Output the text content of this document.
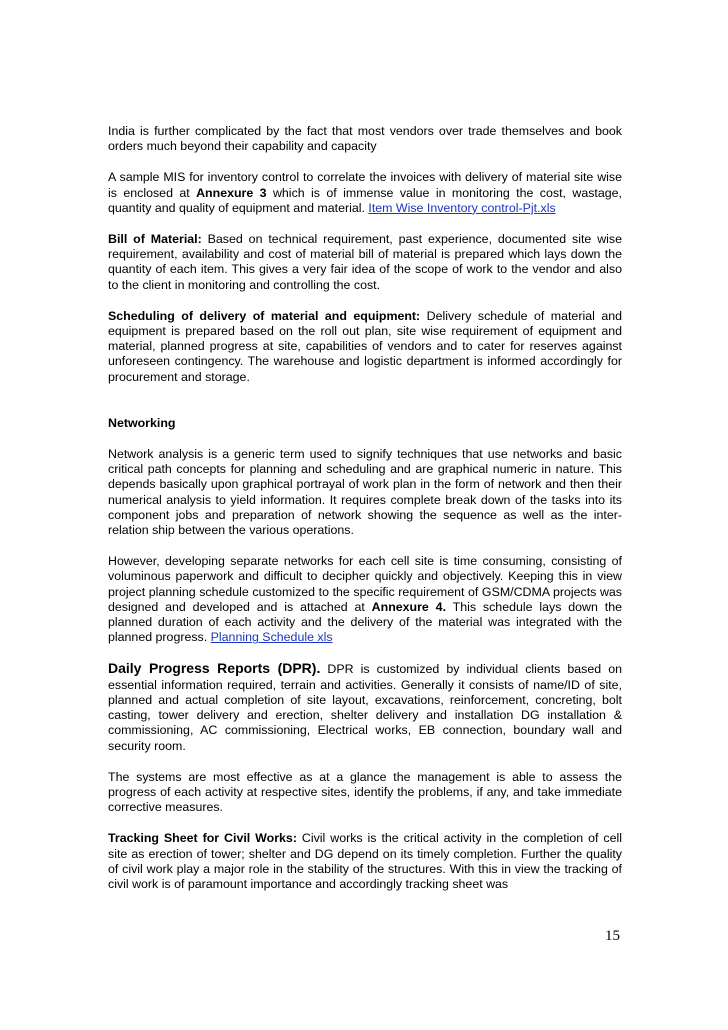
India is further complicated by the fact that most vendors over trade themselves and book orders much beyond their capability and capacity

A sample MIS for inventory control to correlate the invoices with delivery of material site wise is enclosed at Annexure 3 which is of immense value in monitoring the cost, wastage, quantity and quality of equipment and material. Item Wise Inventory control-Pjt.xls

Bill of Material: Based on technical requirement, past experience, documented site wise requirement, availability and cost of material bill of material is prepared which lays down the quantity of each item. This gives a very fair idea of the scope of work to the vendor and also to the client in monitoring and controlling the cost.

Scheduling of delivery of material and equipment: Delivery schedule of material and equipment is prepared based on the roll out plan, site wise requirement of equipment and material, planned progress at site, capabilities of vendors and to cater for reserves against unforeseen contingency. The warehouse and logistic department is informed accordingly for procurement and storage.

Networking

Network analysis is a generic term used to signify techniques that use networks and basic critical path concepts for planning and scheduling and are graphical numeric in nature. This depends basically upon graphical portrayal of work plan in the form of network and then their numerical analysis to yield information. It requires complete break down of the tasks into its component jobs and preparation of network showing the sequence as well as the inter-relation ship between the various operations.

However, developing separate networks for each cell site is time consuming, consisting of voluminous paperwork and difficult to decipher quickly and objectively. Keeping this in view project planning schedule customized to the specific requirement of GSM/CDMA projects was designed and developed and is attached at Annexure 4. This schedule lays down the planned duration of each activity and the delivery of the material was integrated with the planned progress. Planning Schedule xls

Daily Progress Reports (DPR). DPR is customized by individual clients based on essential information required, terrain and activities. Generally it consists of name/ID of site, planned and actual completion of site layout, excavations, reinforcement, concreting, bolt casting, tower delivery and erection, shelter delivery and installation DG installation & commissioning, AC commissioning, Electrical works, EB connection, boundary wall and security room.

The systems are most effective as at a glance the management is able to assess the progress of each activity at respective sites, identify the problems, if any, and take immediate corrective measures.

Tracking Sheet for Civil Works: Civil works is the critical activity in the completion of cell site as erection of tower; shelter and DG depend on its timely completion. Further the quality of civil work play a major role in the stability of the structures. With this in view the tracking of civil work is of paramount importance and accordingly tracking sheet was

15
